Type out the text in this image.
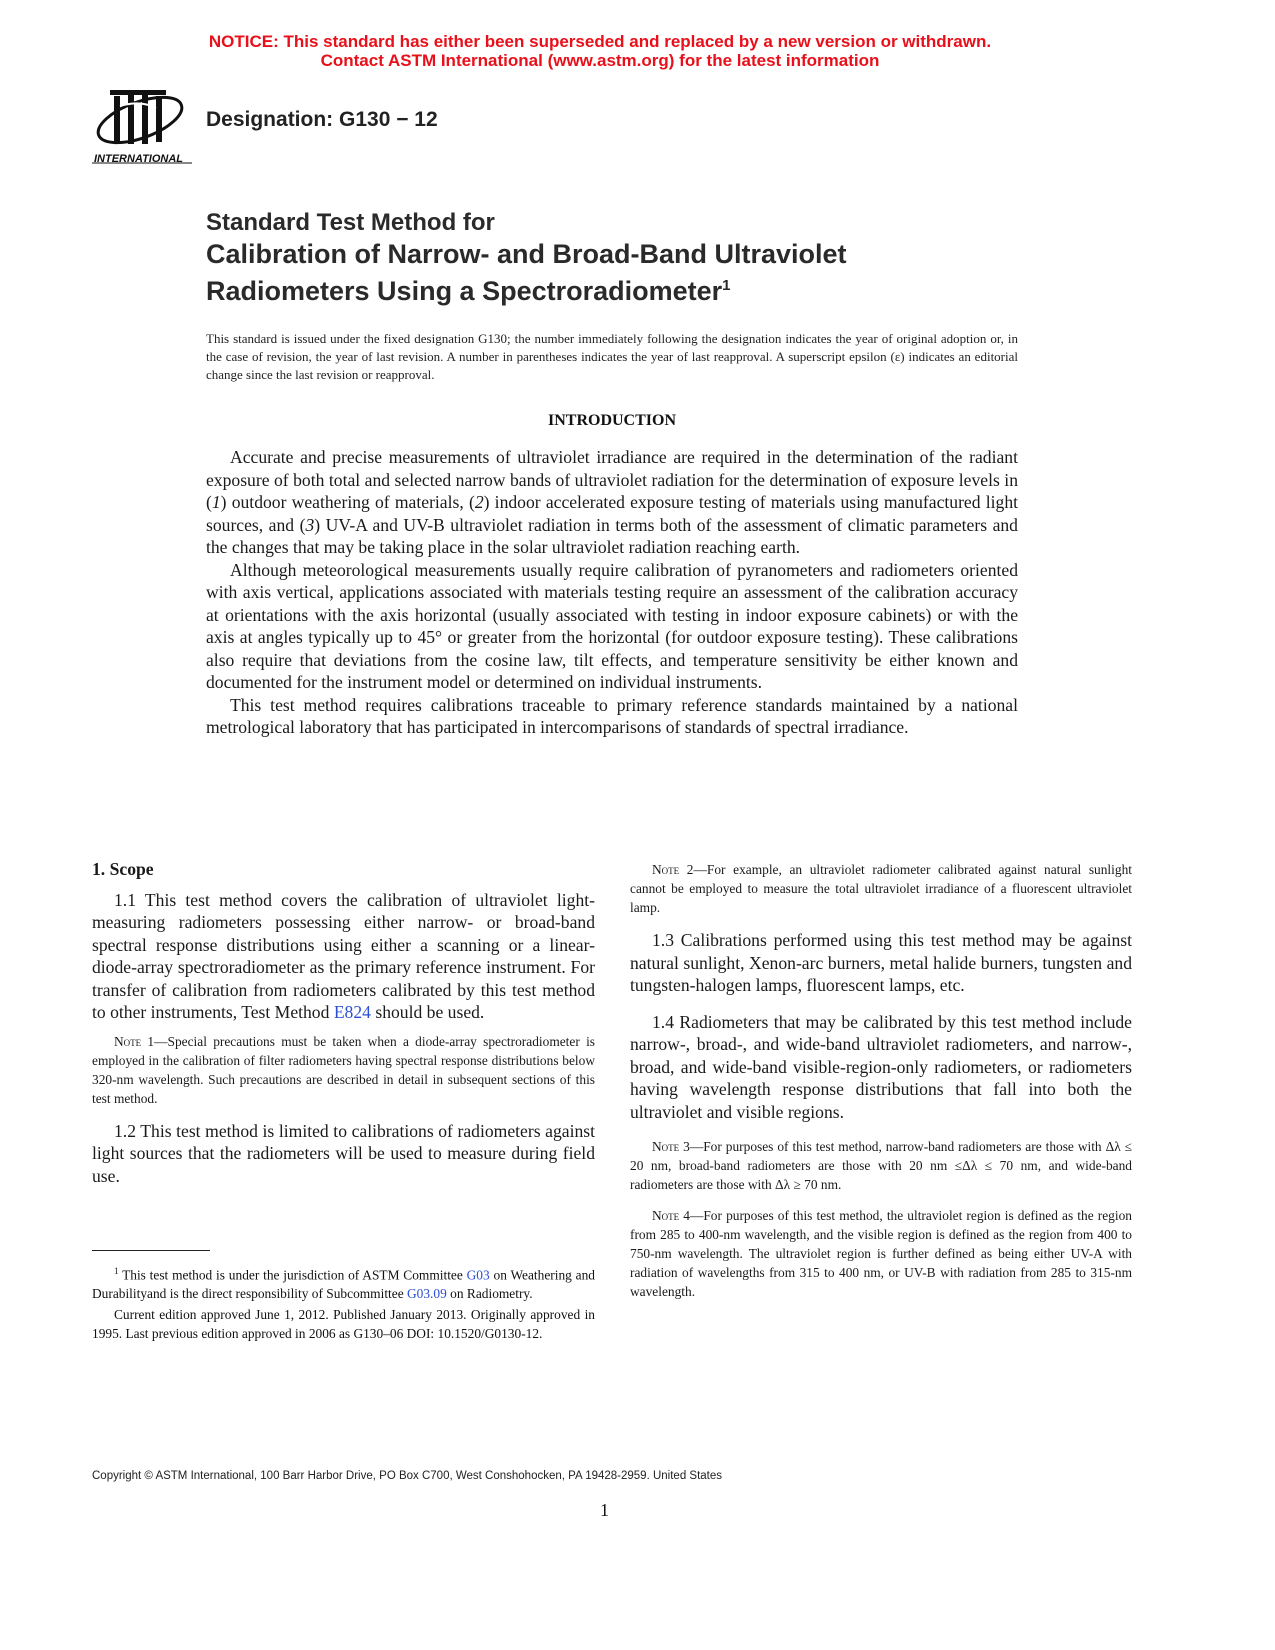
NOTICE: This standard has either been superseded and replaced by a new version or withdrawn.
Contact ASTM International (www.astm.org) for the latest information
INTERNATIONAL
Designation: G130 − 12
Standard Test Method for
Calibration of Narrow- and Broad-Band Ultraviolet
Radiometers Using a Spectroradiometer$^1$
This standard is issued under the fixed designation G130; the number immediately following the designation indicates the year of original adoption or, in the case of revision, the year of last revision. A number in parentheses indicates the year of last reapproval. A superscript epsilon (ε) indicates an editorial change since the last revision or reapproval.
INTRODUCTION

Accurate and precise measurements of ultraviolet irradiance are required in the determination of the radiant exposure of both total and selected narrow bands of ultraviolet radiation for the determination of exposure levels in (1) outdoor weathering of materials, (2) indoor accelerated exposure testing of materials using manufactured light sources, and (3) UV-A and UV-B ultraviolet radiation in terms both of the assessment of climatic parameters and the changes that may be taking place in the solar ultraviolet radiation reaching earth.

Although meteorological measurements usually require calibration of pyranometers and radiometers oriented with axis vertical, applications associated with materials testing require an assessment of the calibration accuracy at orientations with the axis horizontal (usually associated with testing in indoor exposure cabinets) or with the axis at angles typically up to 45° or greater from the horizontal (for outdoor exposure testing). These calibrations also require that deviations from the cosine law, tilt effects, and temperature sensitivity be either known and documented for the instrument model or determined on individual instruments.

This test method requires calibrations traceable to primary reference standards maintained by a national metrological laboratory that has participated in intercomparisons of standards of spectral irradiance.

1. Scope

1.1 This test method covers the calibration of ultraviolet light-measuring radiometers possessing either narrow- or broad-band spectral response distributions using either a scanning or a linear-diode-array spectroradiometer as the primary reference instrument. For transfer of calibration from radiometers calibrated by this test method to other instruments, Test Method E824 should be used.

Note 1—Special precautions must be taken when a diode-array spectroradiometer is employed in the calibration of filter radiometers having spectral response distributions below 320-nm wavelength. Such precautions are described in detail in subsequent sections of this test method.

1.2 This test method is limited to calibrations of radiometers against light sources that the radiometers will be used to measure during field use.

$^1$ This test method is under the jurisdiction of ASTM Committee G03 on Weathering and Durabilityand is the direct responsibility of Subcommittee G03.09 on Radiometry.

Current edition approved June 1, 2012. Published January 2013. Originally approved in 1995. Last previous edition approved in 2006 as G130–06 DOI: 10.1520/G0130-12.

Note 2—For example, an ultraviolet radiometer calibrated against natural sunlight cannot be employed to measure the total ultraviolet irradiance of a fluorescent ultraviolet lamp.

1.3 Calibrations performed using this test method may be against natural sunlight, Xenon-arc burners, metal halide burners, tungsten and tungsten-halogen lamps, fluorescent lamps, etc.

1.4 Radiometers that may be calibrated by this test method include narrow-, broad-, and wide-band ultraviolet radiometers, and narrow-, broad, and wide-band visible-region-only radiometers, or radiometers having wavelength response distributions that fall into both the ultraviolet and visible regions.

Note 3—For purposes of this test method, narrow-band radiometers are those with Δλ ≤ 20 nm, broad-band radiometers are those with 20 nm ≤Δλ ≤ 70 nm, and wide-band radiometers are those with Δλ ≥ 70 nm.

Note 4—For purposes of this test method, the ultraviolet region is defined as the region from 285 to 400-nm wavelength, and the visible region is defined as the region from 400 to 750-nm wavelength. The ultraviolet region is further defined as being either UV-A with radiation of wavelengths from 315 to 400 nm, or UV-B with radiation from 285 to 315-nm wavelength.

Copyright © ASTM International, 100 Barr Harbor Drive, PO Box C700, West Conshohocken, PA 19428-2959. United States
1
